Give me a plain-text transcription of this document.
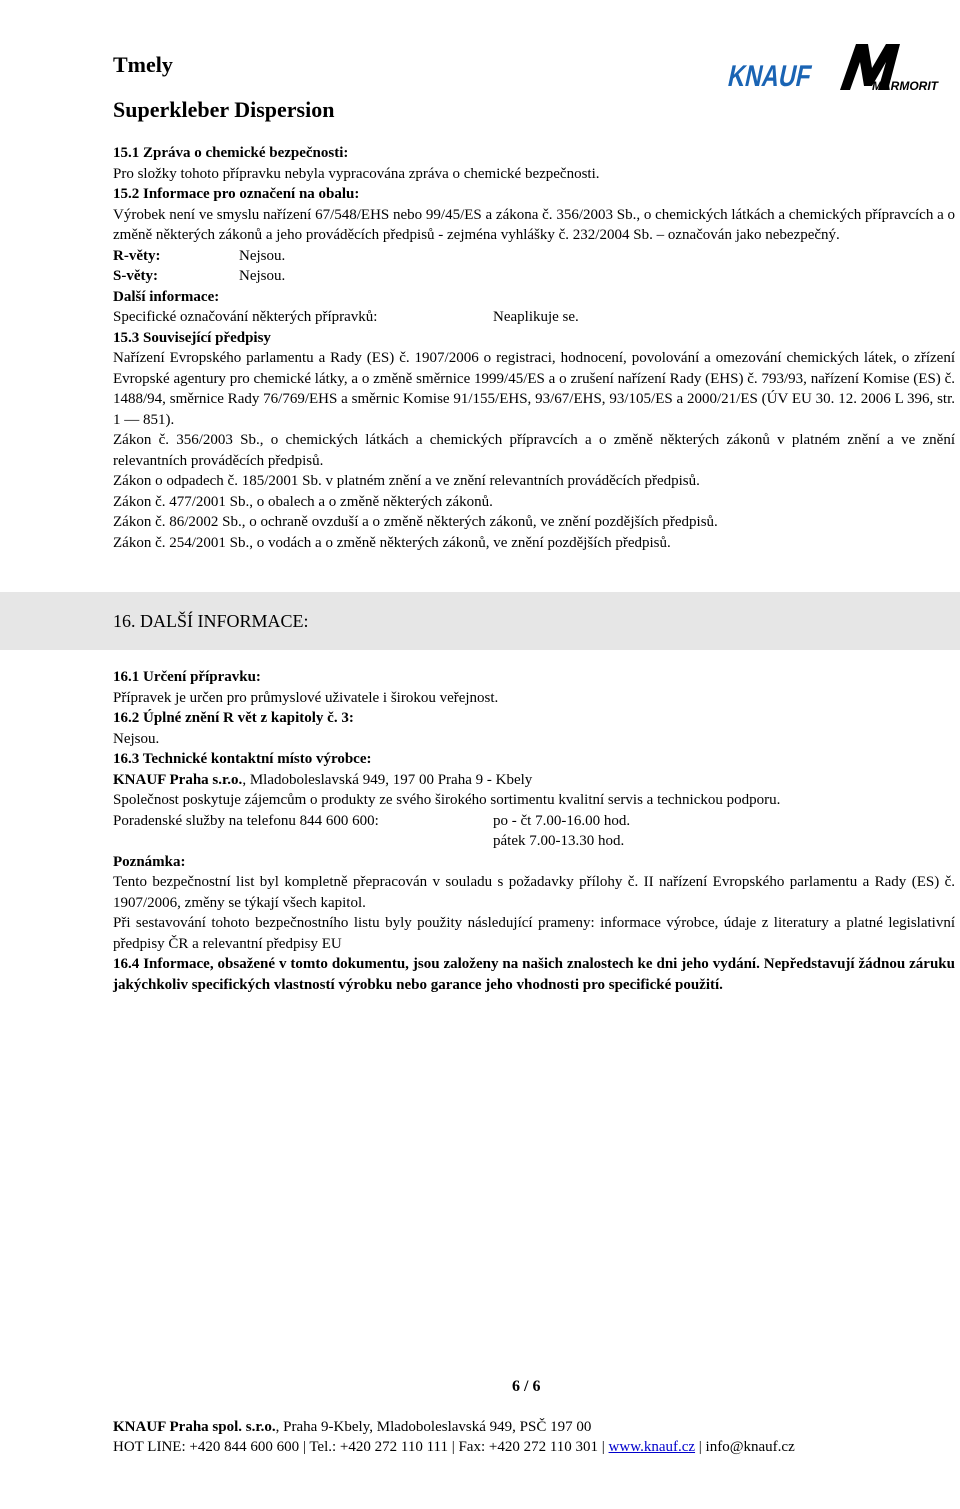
Tmely
Superkleber Dispersion
KNAUF	MARMORIT

15.1 Zpráva o chemické bezpečnosti:

Pro složky tohoto přípravku nebyla vypracována zpráva o chemické bezpečnosti.

15.2 Informace pro označení na obalu:

Výrobek není ve smyslu nařízení 67/548/EHS nebo 99/45/ES a zákona č. 356/2003 Sb., o chemických látkách a chemických přípravcích a o změně některých zákonů a jeho prováděcích předpisů - zejména vyhlášky č. 232/2004 Sb. – označován jako nebezpečný.

R-věty:	Nejsou.
S-věty:	Nejsou.

Další informace:

Specifické označování některých přípravků:	Neaplikuje se.

15.3 Související předpisy

Nařízení Evropského parlamentu a Rady (ES) č. 1907/2006 o registraci, hodnocení, povolování a omezování chemických látek, o zřízení Evropské agentury pro chemické látky, a o změně směrnice 1999/45/ES a o zrušení nařízení Rady (EHS) č. 793/93, nařízení Komise (ES) č. 1488/94, směrnice Rady 76/769/EHS a směrnic Komise 91/155/EHS, 93/67/EHS, 93/105/ES a 2000/21/ES (ÚV EU 30. 12. 2006 L 396, str. 1 — 851).

Zákon č. 356/2003 Sb., o chemických látkách a chemických přípravcích a o změně některých zákonů v platném znění a ve znění relevantních prováděcích předpisů.

Zákon o odpadech č. 185/2001 Sb. v platném znění a ve znění relevantních prováděcích předpisů.

Zákon č. 477/2001 Sb., o obalech a o změně některých zákonů.

Zákon č. 86/2002 Sb., o ochraně ovzduší a o změně některých zákonů, ve znění pozdějších předpisů.

Zákon č. 254/2001 Sb., o vodách a o změně některých zákonů, ve znění pozdějších předpisů.

16. DALŠÍ INFORMACE:

16.1 Určení přípravku:

Přípravek je určen pro průmyslové uživatele i širokou veřejnost.

16.2 Úplné znění R vět z kapitoly č. 3:

Nejsou.

16.3 Technické kontaktní místo výrobce:

KNAUF Praha s.r.o., Mladoboleslavská 949, 197 00 Praha 9 - Kbely

Společnost poskytuje zájemcům o produkty ze svého širokého sortimentu kvalitní servis a technickou podporu.

Poradenské služby na telefonu 844 600 600:	po - čt 7.00-16.00 hod.
pátek 7.00-13.30 hod.

Poznámka:

Tento bezpečnostní list byl kompletně přepracován v souladu s požadavky přílohy č. II nařízení Evropského parlamentu a Rady (ES) č. 1907/2006, změny se týkají všech kapitol.

Při sestavování tohoto bezpečnostního listu byly použity následující prameny: informace výrobce, údaje z literatury a platné legislativní předpisy ČR a relevantní předpisy EU

16.4 Informace, obsažené v tomto dokumentu, jsou založeny na našich znalostech ke dni jeho vydání. Nepředstavují žádnou záruku jakýchkoliv specifických vlastností výrobku nebo garance jeho vhodnosti pro specifické použití.

6 / 6
KNAUF Praha spol. s.r.o., Praha 9-Kbely, Mladoboleslavská 949, PSČ 197 00
HOT LINE: +420 844 600 600 | Tel.: +420 272 110 111 | Fax: +420 272 110 301 | www.knauf.cz | info@knauf.cz
